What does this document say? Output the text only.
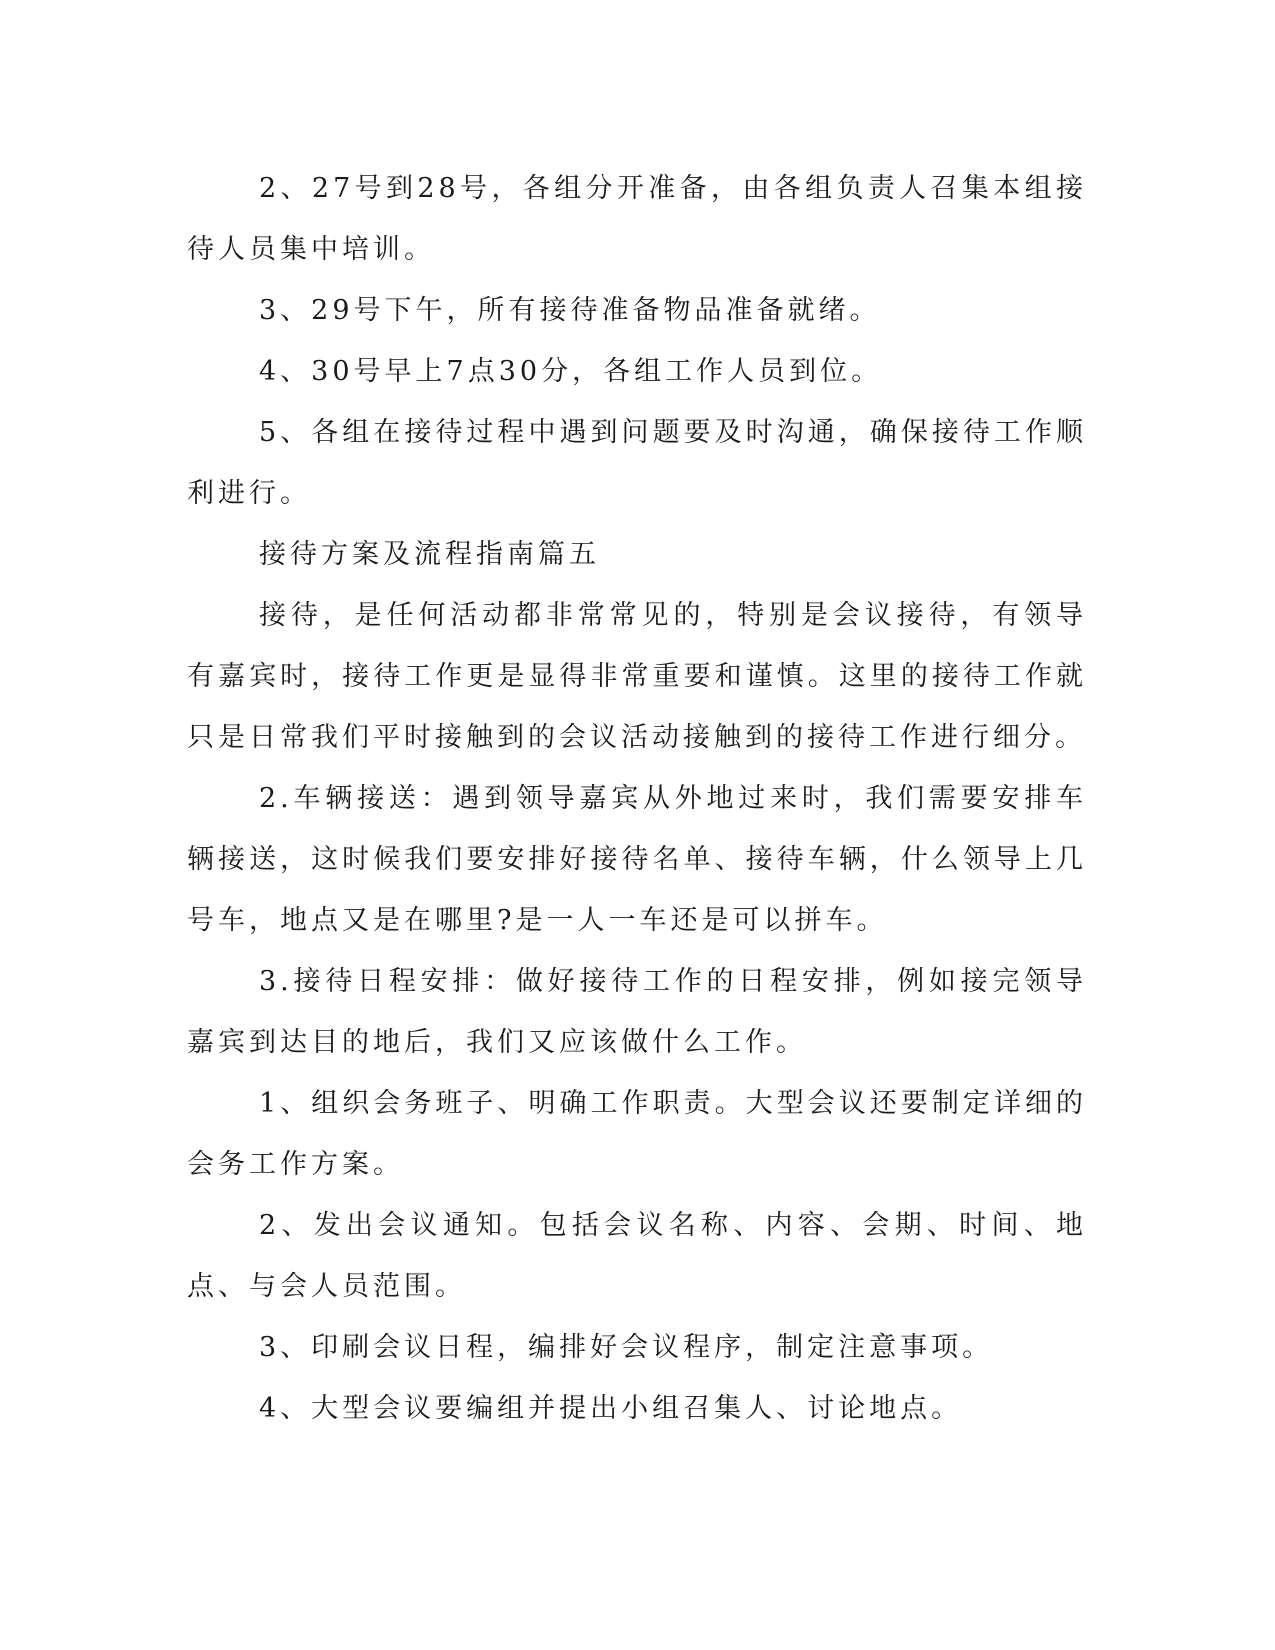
2、27号到28号，各组分开准备，由各组负责人召集本组接待人员集中培训。

3、29号下午，所有接待准备物品准备就绪。

4、30号早上7点30分，各组工作人员到位。

5、各组在接待过程中遇到问题要及时沟通，确保接待工作顺利进行。

接待方案及流程指南篇五

接待，是任何活动都非常常见的，特别是会议接待，有领导有嘉宾时，接待工作更是显得非常重要和谨慎。这里的接待工作就只是日常我们平时接触到的会议活动接触到的接待工作进行细分。

2.车辆接送：遇到领导嘉宾从外地过来时，我们需要安排车辆接送，这时候我们要安排好接待名单、接待车辆，什么领导上几号车，地点又是在哪里?是一人一车还是可以拼车。

3.接待日程安排：做好接待工作的日程安排，例如接完领导嘉宾到达目的地后，我们又应该做什么工作。

1、组织会务班子、明确工作职责。大型会议还要制定详细的会务工作方案。

2、发出会议通知。包括会议名称、内容、会期、时间、地点、与会人员范围。

3、印刷会议日程，编排好会议程序，制定注意事项。

4、大型会议要编组并提出小组召集人、讨论地点。
